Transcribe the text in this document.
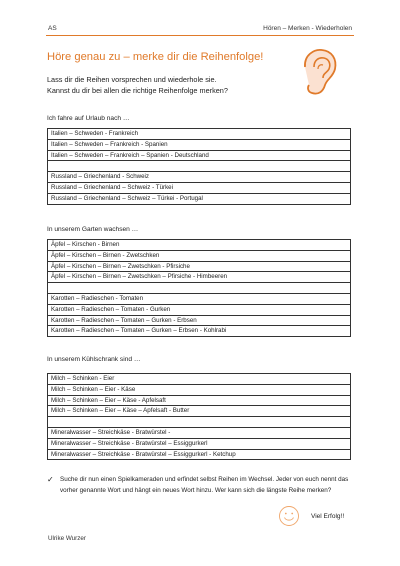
AS	Hören – Merken - Wiederholen
Höre genau zu – merke dir die Reihenfolge!
Lass dir die Reihen vorsprechen und wiederhole sie.
Kannst du dir bei allen die richtige Reihenfolge merken?
Ich fahre auf Urlaub nach …
Italien – Schweden - Frankreich
Italien – Schweden – Frankreich - Spanien
Italien – Schweden – Frankreich – Spanien - Deutschland
Russland – Griechenland - Schweiz
Russland – Griechenland – Schweiz - Türkei
Russland – Griechenland – Schweiz – Türkei - Portugal
In unserem Garten wachsen …
Äpfel – Kirschen - Birnen
Äpfel – Kirschen – Birnen - Zwetschken
Äpfel – Kirschen – Birnen – Zwetschken - Pfirsiche
Äpfel – Kirschen – Birnen – Zwetschken – Pfirsiche - Himbeeren
Karotten – Radieschen - Tomaten
Karotten – Radieschen – Tomaten - Gurken
Karotten – Radieschen – Tomaten – Gurken - Erbsen
Karotten – Radieschen – Tomaten – Gurken – Erbsen - Kohlrabi
In unserem Kühlschrank sind …
Milch – Schinken - Eier
Milch – Schinken – Eier - Käse
Milch – Schinken – Eier – Käse - Apfelsaft
Milch – Schinken – Eier – Käse – Apfelsaft - Butter
Mineralwasser – Streichkäse - Bratwürstel -
Mineralwasser – Streichkäse - Bratwürstel – Essiggurkerl
Mineralwasser – Streichkäse - Bratwürstel – Essiggurkerl - Ketchup
✓ Suche dir nun einen Spielkameraden und erfindet selbst Reihen im Wechsel. Jeder von euch nennt das vorher genannte Wort und hängt ein neues Wort hinzu. Wer kann sich die längste Reihe merken?
Viel Erfolg!!
Ulrike Wurzer
